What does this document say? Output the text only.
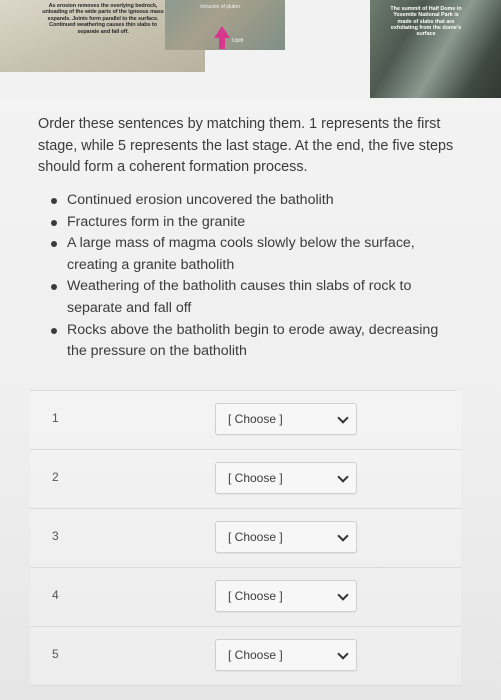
As erosion removes the overlying bedrock, unloading of the wide parts of the igneous mass expands. Joints form parallel to the surface. Continued weathering causes thin slabs to separate and fall off.
Intrusion of pluton
Uplift
The summit of Half Dome in Yosemite National Park is made of slabs that are exfoliating from the dome's surface

Order these sentences by matching them. 1 represents the first stage, while 5 represents the last stage. At the end, the five steps should form a coherent formation process.

Continued erosion uncovered the batholith
Fractures form in the granite
A large mass of magma cools slowly below the surface, creating a granite batholith
Weathering of the batholith causes thin slabs of rock to separate and fall off
Rocks above the batholith begin to erode away, decreasing the pressure on the batholith
1	[ Choose ]
2	[ Choose ]
3	[ Choose ]
4	[ Choose ]
5	[ Choose ]
